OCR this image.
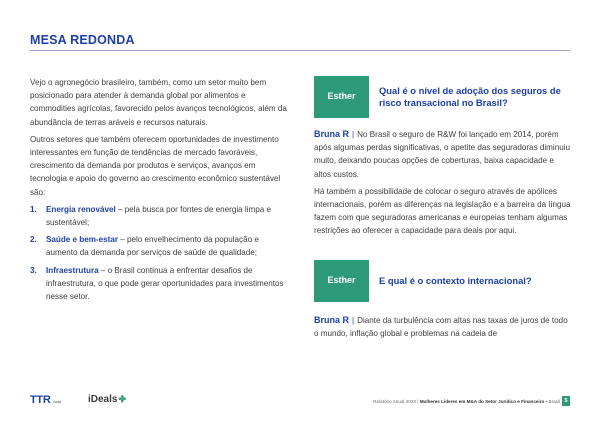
MESA REDONDA

Vejo o agronegócio brasileiro, também, como um setor muito bem posicionado para atender à demanda global por alimentos e commodities agrícolas, favorecido pelos avanços tecnológicos, além da abundância de terras aráveis e recursos naturais.

Outros setores que também oferecem oportunidades de investimento interessantes em função de tendências de mercado favoráveis, crescimento da demanda por produtos e serviços, avanços em tecnologia e apoio do governo ao crescimento econômico sustentável são:

1. Energia renovável – pela busca por fontes de energia limpa e sustentável;
2. Saúde e bem-estar – pelo envelhecimento da população e aumento da demanda por serviços de saúde de qualidade;
3. Infraestrutura – o Brasil continua a enfrentar desafios de infraestrutura, o que pode gerar oportunidades para investimentos nesse setor.
Esther
Qual é o nível de adoção dos seguros de risco transacional no Brasil?

Bruna R | No Brasil o seguro de R&W foi lançado em 2014, porém após algumas perdas significativas, o apetite das seguradoras diminuiu muito, deixando poucas opções de coberturas, baixa capacidade e altos custos.

Há também a possibilidade de colocar o seguro através de apólices internacionais, porém as diferenças na legislação e a barreira da língua fazem com que seguradoras americanas e europeias tenham algumas restrições ao oferecer a capacidade para deals por aqui.

Esther	E qual é o contexto internacional?

Bruna R | Diante da turbulência com altas nas taxas de juros de todo o mundo, inflação global e problemas na cadeia de

TTR data	iDeals✤	Relatório Anual 2023 | Mulheres Líderes em M&A do Setor Jurídico e Financeiro • Brasil 5
